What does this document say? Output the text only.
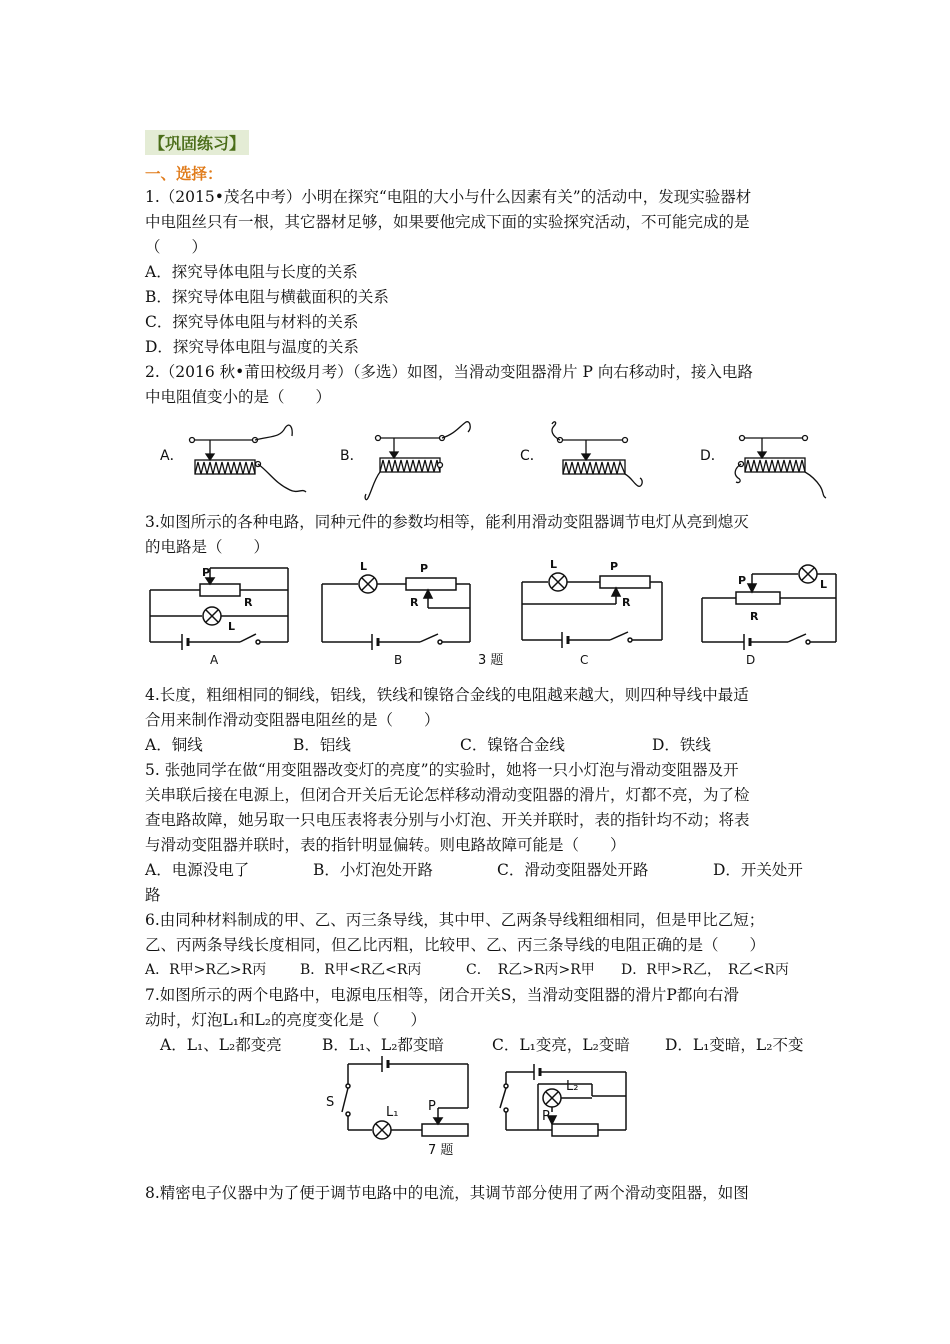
【巩固练习】
一、选择：
1.（2015•茂名中考）小明在探究“电阻的大小与什么因素有关”的活动中，发现实验器材
中电阻丝只有一根，其它器材足够，如果要他完成下面的实验探究活动，不可能完成的是
（　　）
A．探究导体电阻与长度的关系
B．探究导体电阻与横截面积的关系
C．探究导体电阻与材料的关系
D．探究导体电阻与温度的关系
2.（2016 秋•莆田校级月考）（多选）如图，当滑动变阻器滑片 P 向右移动时，接入电路
中电阻值变小的是（　　）
A．	B．	C．	D．
3.如图所示的各种电路，同种元件的参数均相等，能利用滑动变阻器调节电灯从亮到熄灭
的电路是（　　）
P
R
L
L	P
R
L	P
R
P
R
L
A	B	C	D
3 题
4.长度，粗细相同的铜线，铝线，铁线和镍铬合金线的电阻越来越大，则四种导线中最适
合用来制作滑动变阻器电阻丝的是（　　）
A．铜线	B．铝线	C．镍铬合金线	D．铁线
5. 张弛同学在做“用变阻器改变灯的亮度”的实验时，她将一只小灯泡与滑动变阻器及开
关串联后接在电源上，但闭合开关后无论怎样移动滑动变阻器的滑片，灯都不亮，为了检
查电路故障，她另取一只电压表将表分别与小灯泡、开关并联时，表的指针均不动；将表
与滑动变阻器并联时，表的指针明显偏转。则电路故障可能是（　　）
A．电源没电了	B．小灯泡处开路	C．滑动变阻器处开路	D．开关处开
路
6.由同种材料制成的甲、乙、丙三条导线，其中甲、乙两条导线粗细相同，但是甲比乙短；
乙、丙两条导线长度相同，但乙比丙粗，比较甲、乙、丙三条导线的电阻正确的是（　　）
A．R甲>R乙>R丙 B．R甲<R乙<R丙	C．　R乙>R丙>R甲 D．R甲>R乙，　R乙<R丙
7.如图所示的两个电路中，电源电压相等，闭合开关S，当滑动变阻器的滑片P都向右滑
动时，灯泡L₁和L₂的亮度变化是（　　）
A．L₁、L₂都变亮	B．L₁、L₂都变暗	C．L₁变亮，L₂变暗 D．L₁变暗，L₂不变
S
L₁ P
L₂
P
7 题
8.精密电子仪器中为了便于调节电路中的电流，其调节部分使用了两个滑动变阻器，如图
